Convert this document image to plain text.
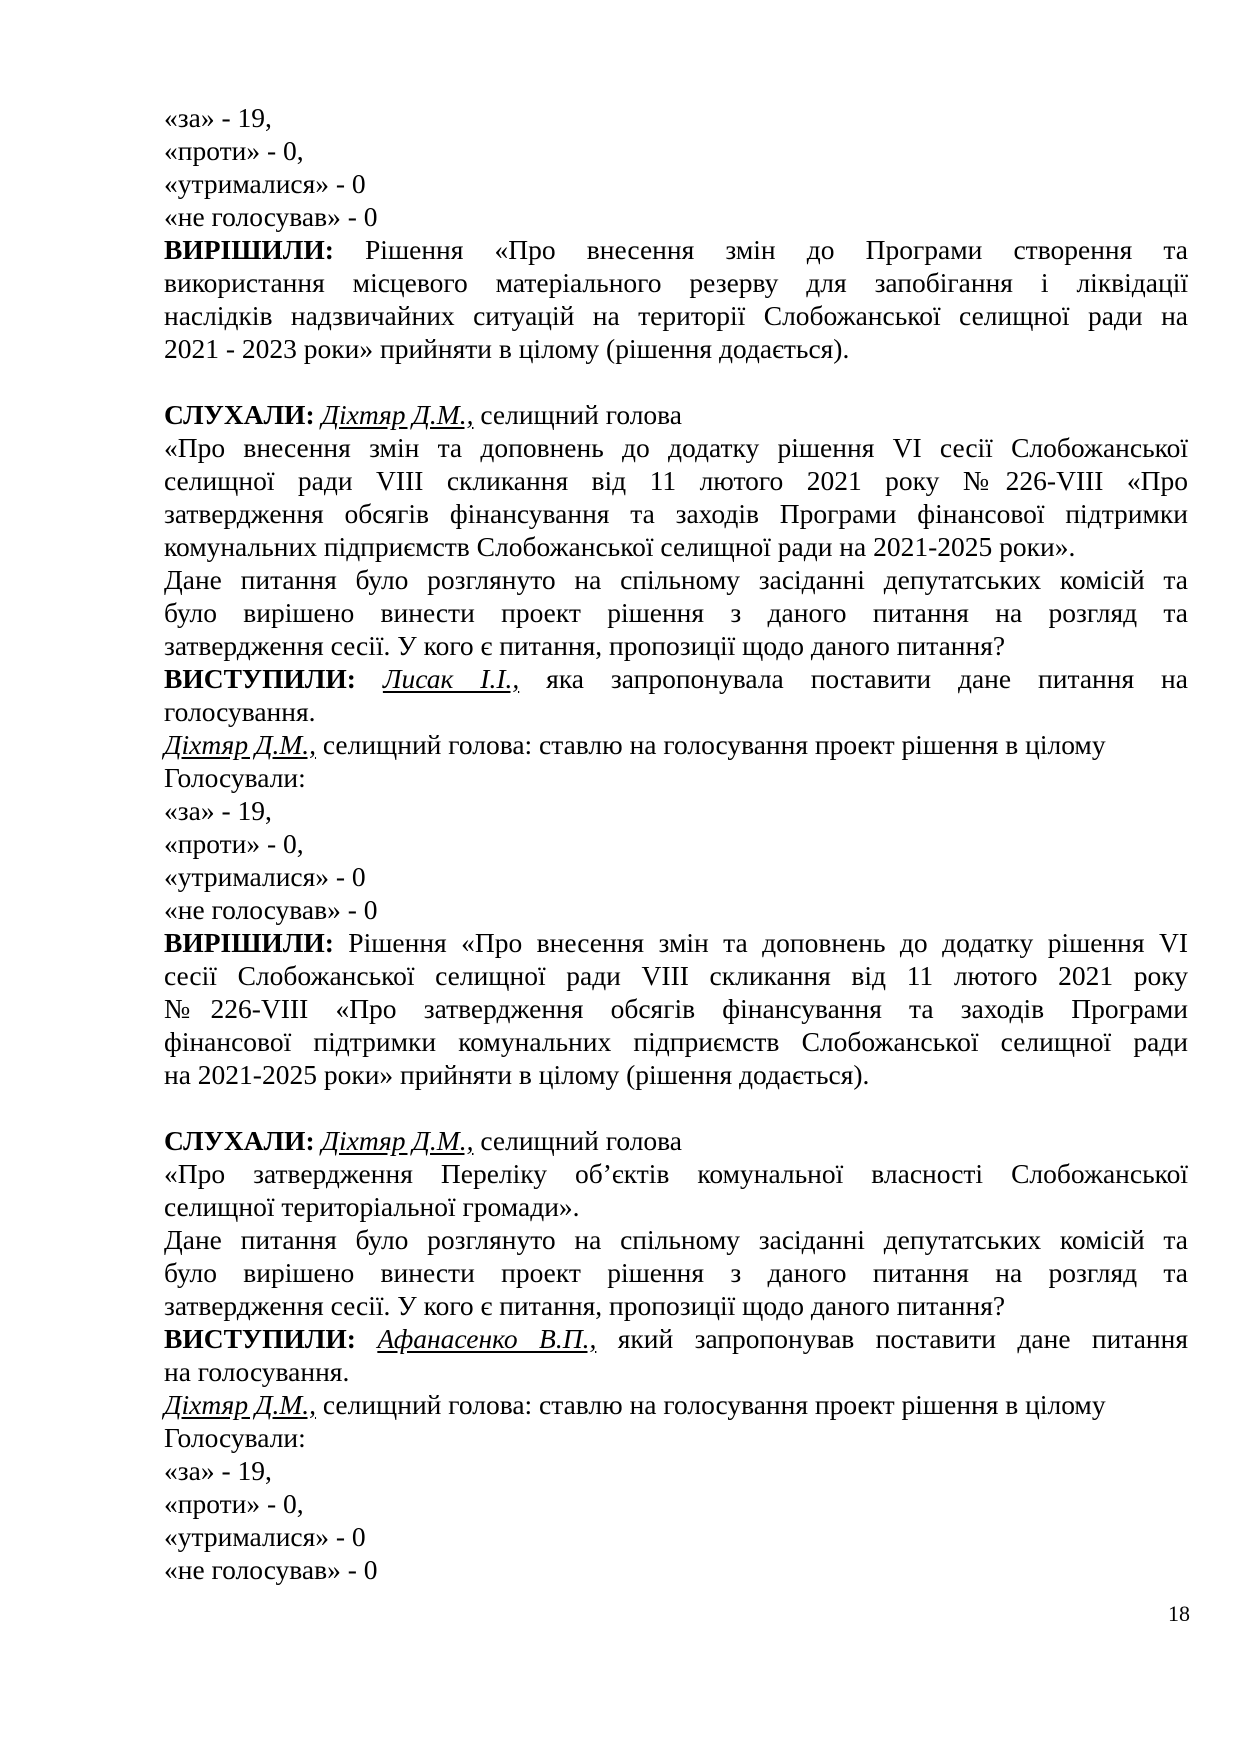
«за» - 19,
«проти» - 0,
«утрималися» - 0
«не голосував» - 0
ВИРІШИЛИ: Рішення «Про внесення змін до Програми створення та
використання місцевого матеріального резерву для запобігання і ліквідації
наслідків надзвичайних ситуацій на території Слобожанської селищної ради на
2021 - 2023 роки» прийняти в цілому (рішення додається).
СЛУХАЛИ: Діхтяр Д.М., селищний голова
«Про внесення змін та доповнень до додатку рішення VI сесії Слобожанської
селищної ради VIII скликання від 11 лютого 2021 року №226-VIII «Про
затвердження обсягів фінансування та заходів Програми фінансової підтримки
комунальних підприємств Слобожанської селищної ради на 2021-2025 роки».
Дане питання було розглянуто на спільному засіданні депутатських комісій та
було вирішено винести проект рішення з даного питання на розгляд та
затвердження сесії. У кого є питання, пропозиції щодо даного питання?
ВИСТУПИЛИ: Лисак І.І., яка запропонувала поставити дане питання на
голосування.
Діхтяр Д.М., селищний голова: ставлю на голосування проект рішення в цілому
Голосували:
«за» - 19,
«проти» - 0,
«утрималися» - 0
«не голосував» - 0
ВИРІШИЛИ: Рішення «Про внесення змін та доповнень до додатку рішення VI
сесії Слобожанської селищної ради VIII скликання від 11 лютого 2021 року
№226-VIII «Про затвердження обсягів фінансування та заходів Програми
фінансової підтримки комунальних підприємств Слобожанської селищної ради
на 2021-2025 роки» прийняти в цілому (рішення додається).
СЛУХАЛИ: Діхтяр Д.М., селищний голова
«Про затвердження Переліку об’єктів комунальної власності Слобожанської
селищної територіальної громади».
Дане питання було розглянуто на спільному засіданні депутатських комісій та
було вирішено винести проект рішення з даного питання на розгляд та
затвердження сесії. У кого є питання, пропозиції щодо даного питання?
ВИСТУПИЛИ: Афанасенко В.П., який запропонував поставити дане питання
на голосування.
Діхтяр Д.М., селищний голова: ставлю на голосування проект рішення в цілому
Голосували:
«за» - 19,
«проти» - 0,
«утрималися» - 0
«не голосував» - 0
18
